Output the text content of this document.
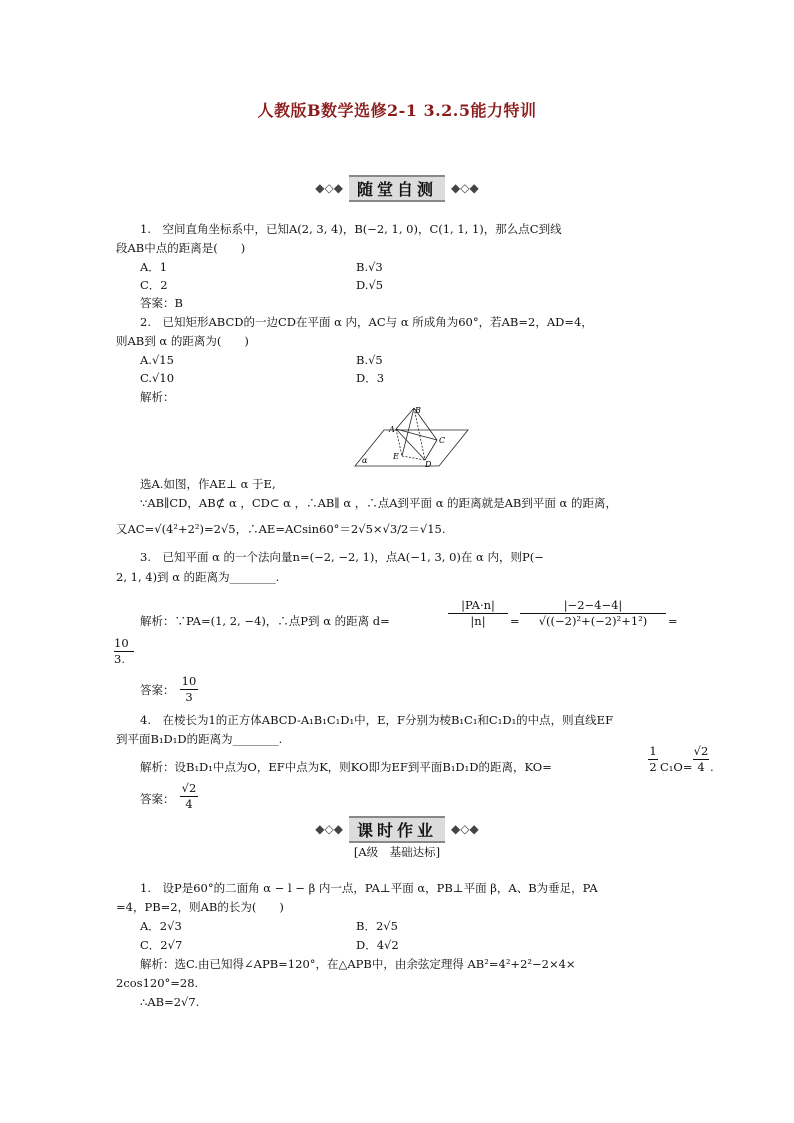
人教版B数学选修2-1 3.2.5能力特训
◆◇◆ 随堂自测	◆◇◆
1.　空间直角坐标系中，已知A(2, 3, 4)，B(−2, 1, 0)，C(1, 1, 1)，那么点C到线
段AB中点的距离是(　　)
A．1	B.√3
C．2	D.√5
答案：B
2.　已知矩形ABCD的一边CD在平面 α 内，AC与 α 所成角为60°，若AB=2，AD=4，
则AB到 α 的距离为(　　)
A.√15	B.√5
C.√10	D．3
解析：
B
A
C
D
E
α
选A.如图，作AE⊥ α 于E,
∵AB∥CD，AB⊄ α ，CD⊂ α ，∴AB∥ α ，∴点A到平面 α 的距离就是AB到平面 α 的距离，
又AC=√(4²+2²)=2√5，∴AE=ACsin60°＝2√5×√3/2＝√15.
3.　已知平面 α 的一个法向量n=(−2, −2, 1)，点A(−1, 3, 0)在 α 内，则P(−
2, 1, 4)到 α 的距离为________.
解析：∵PA=(1, 2, −4)，∴点P到 α 的距离 d=	$\frac{|PA\cdot n|}{|n|} = \frac{|-2-4-4|}{\text{√((−2)²+(−2)²+1²)}}$ =
$\frac{10}{3.}$
答案： $\frac{10}{3}$
4.　在棱长为1的正方体ABCD-A₁B₁C₁D₁中，E，F分别为棱B₁C₁和C₁D₁的中点，则直线EF
到平面B₁D₁D的距离为________.
解析：设B₁D₁中点为O，EF中点为K，则KO即为EF到平面B₁D₁D的距离，KO=	$\frac{1}{2} C_1O= \frac{√2}{4}$ .
答案： $\frac{√2}{4}$
◆◇◆ 课时作业	◆◇◆
[A级　基础达标]
1.　设P是60°的二面角 α − l − β 内一点，PA⊥平面 α，PB⊥平面 β，A、B为垂足，PA
=4，PB=2，则AB的长为(　　)
A．2√3	B．2√5
C．2√7	D．4√2
解析：选C.由已知得∠APB=120°，在△APB中，由余弦定理得 AB²=4²+2²−2×4×
2cos120°=28.
∴AB=2√7.
